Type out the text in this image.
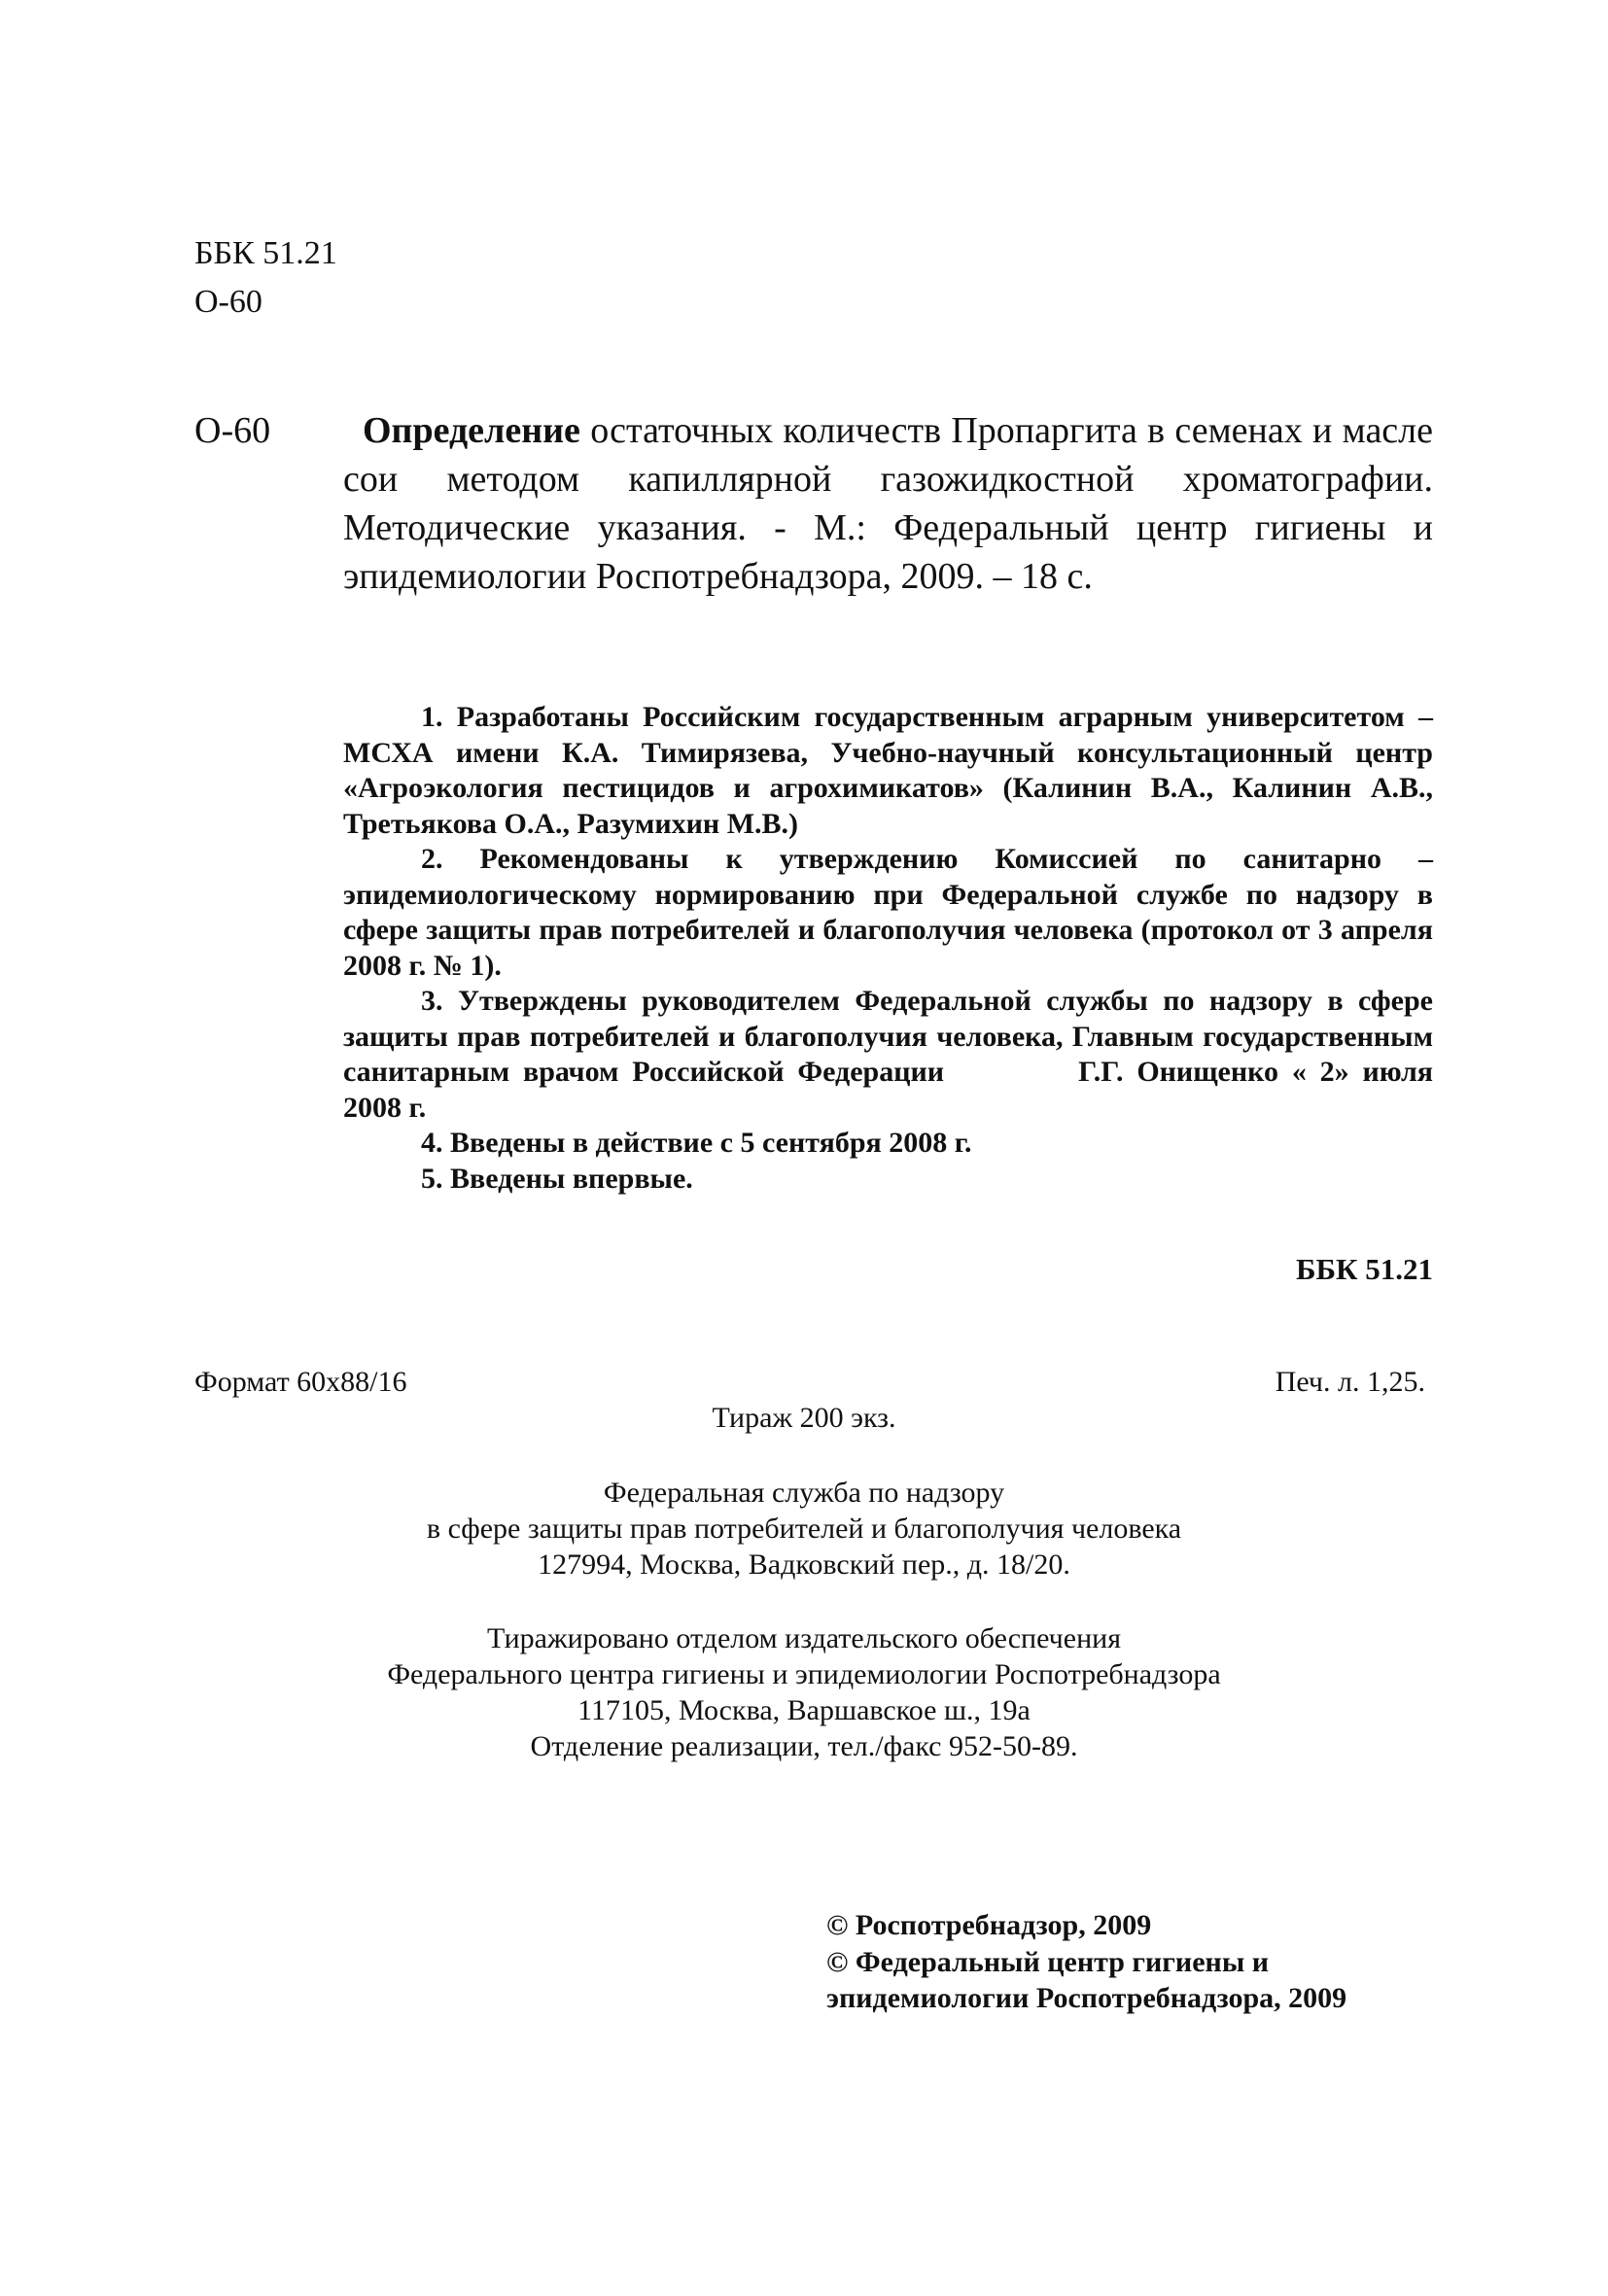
ББК 51.21
О-60
О-60	Определение остаточных количеств Пропаргита в семенах и масле сои методом капиллярной газожидкостной хроматографии. Методические указания. - М.: Федеральный центр гигиены и эпидемиологии Роспотребнадзора, 2009. – 18 с.

1. Разработаны Российским государственным аграрным университетом – МСХА имени К.А. Тимирязева, Учебно-научный консультационный центр «Агроэкология пестицидов и агрохимикатов» (Калинин В.А., Калинин А.В., Третьякова О.А., Разумихин М.В.)

2. Рекомендованы к утверждению Комиссией по санитарно – эпидемиологическому нормированию при Федеральной службе по надзору в сфере защиты прав потребителей и благополучия человека (протокол от 3 апреля 2008 г. № 1).

3. Утверждены руководителем Федеральной службы по надзору в сфере защиты прав потребителей и благополучия человека, Главным государственным санитарным врачом Российской Федерации	Г.Г. Онищенко « 2» июля 2008 г.

4. Введены в действие с 5 сентября 2008 г.

5. Введены впервые.

ББК 51.21
Формат 60х88/16	Печ. л. 1,25.
Тираж 200 экз.
Федеральная служба по надзору
в сфере защиты прав потребителей и благополучия человека
127994, Москва, Вадковский пер., д. 18/20.
Тиражировано отделом издательского обеспечения
Федерального центра гигиены и эпидемиологии Роспотребнадзора
117105, Москва, Варшавское ш., 19а
Отделение реализации, тел./факс 952-50-89.
© Роспотребнадзор, 2009
© Федеральный центр гигиены и
эпидемиологии Роспотребнадзора, 2009
